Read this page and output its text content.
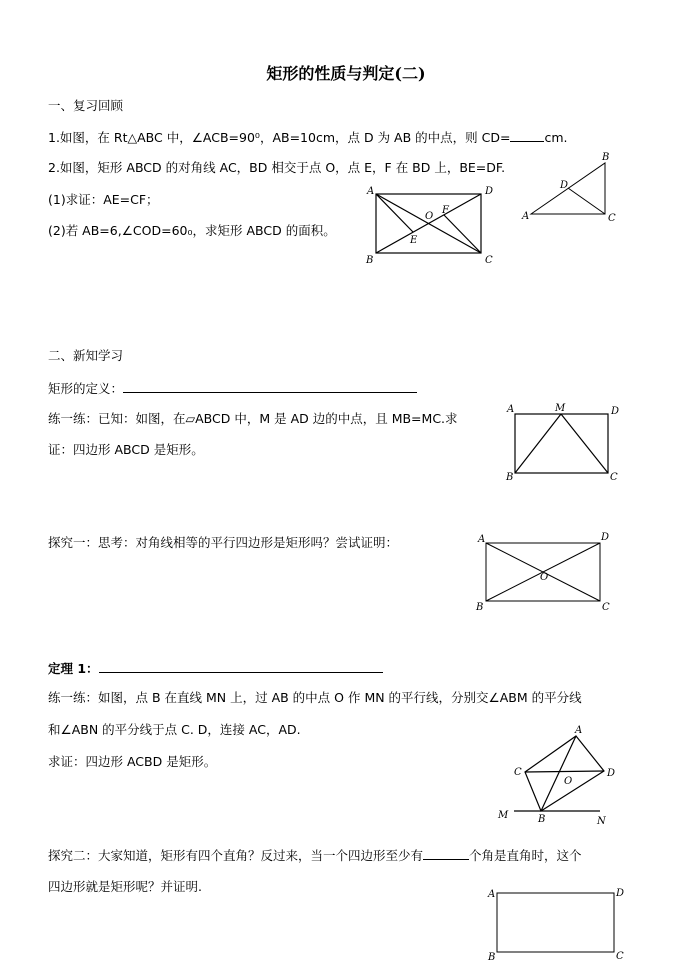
矩形的性质与判定(二)
一、复习回顾
1.如图，在 Rt△ABC 中，∠ACB=90⁰，AB=10cm，点 D 为 AB 的中点，则 CD=	cm.
2.如图，矩形 ABCD 的对角线 AC，BD 相交于点 O，点 E，F 在 BD 上，BE=DF.
(1)求证：AE=CF；
(2)若 AB=6,∠COD=60₀，求矩形 ABCD 的面积。
A	D
B	C
O
F
E
A
B
C
D
二、新知学习
矩形的定义：
练一练：已知：如图，在▱ABCD 中，M 是 AD 边的中点，且 MB=MC.求
证：四边形 ABCD 是矩形。
A	M	D
B	C
探究一：思考：对角线相等的平行四边形是矩形吗？尝试证明：	A	D
B	C
O
定理 1：
练一练：如图，点 B 在直线 MN 上，过 AB 的中点 O 作 MN 的平行线，分别交∠ABM 的平分线
和∠ABN 的平分线于点 C. D，连接 AC，AD.
求证：四边形 ACBD 是矩形。
A
C	D
O
M	B	N
探究二：大家知道，矩形有四个直角？反过来，当一个四边形至少有	个角是直角时，这个
四边形就是矩形呢？并证明.
A	D
B	C
